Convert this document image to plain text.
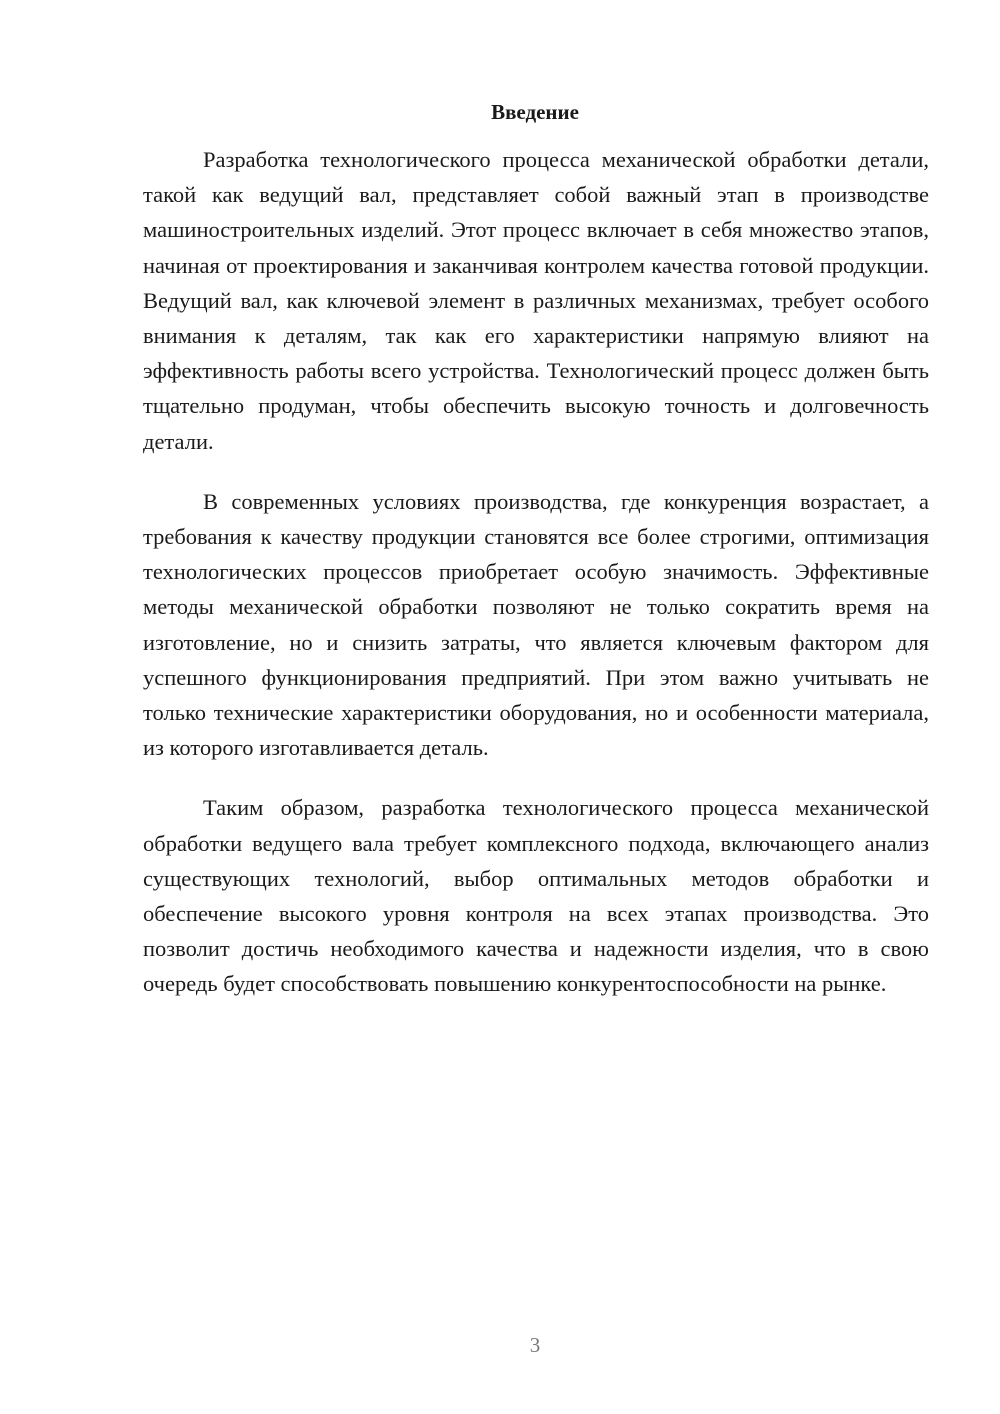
Введение

Разработка технологического процесса механической обработки детали, такой как ведущий вал, представляет собой важный этап в производстве машиностроительных изделий. Этот процесс включает в себя множество этапов, начиная от проектирования и заканчивая контролем качества готовой продукции. Ведущий вал, как ключевой элемент в различных механизмах, требует особого внимания к деталям, так как его характеристики напрямую влияют на эффективность работы всего устройства. Технологический процесс должен быть тщательно продуман, чтобы обеспечить высокую точность и долговечность детали.

В современных условиях производства, где конкуренция возрастает, а требования к качеству продукции становятся все более строгими, оптимизация технологических процессов приобретает особую значимость. Эффективные методы механической обработки позволяют не только сократить время на изготовление, но и снизить затраты, что является ключевым фактором для успешного функционирования предприятий. При этом важно учитывать не только технические характеристики оборудования, но и особенности материала, из которого изготавливается деталь.

Таким образом, разработка технологического процесса механической обработки ведущего вала требует комплексного подхода, включающего анализ существующих технологий, выбор оптимальных методов обработки и обеспечение высокого уровня контроля на всех этапах производства. Это позволит достичь необходимого качества и надежности изделия, что в свою очередь будет способствовать повышению конкурентоспособности на рынке.

3
